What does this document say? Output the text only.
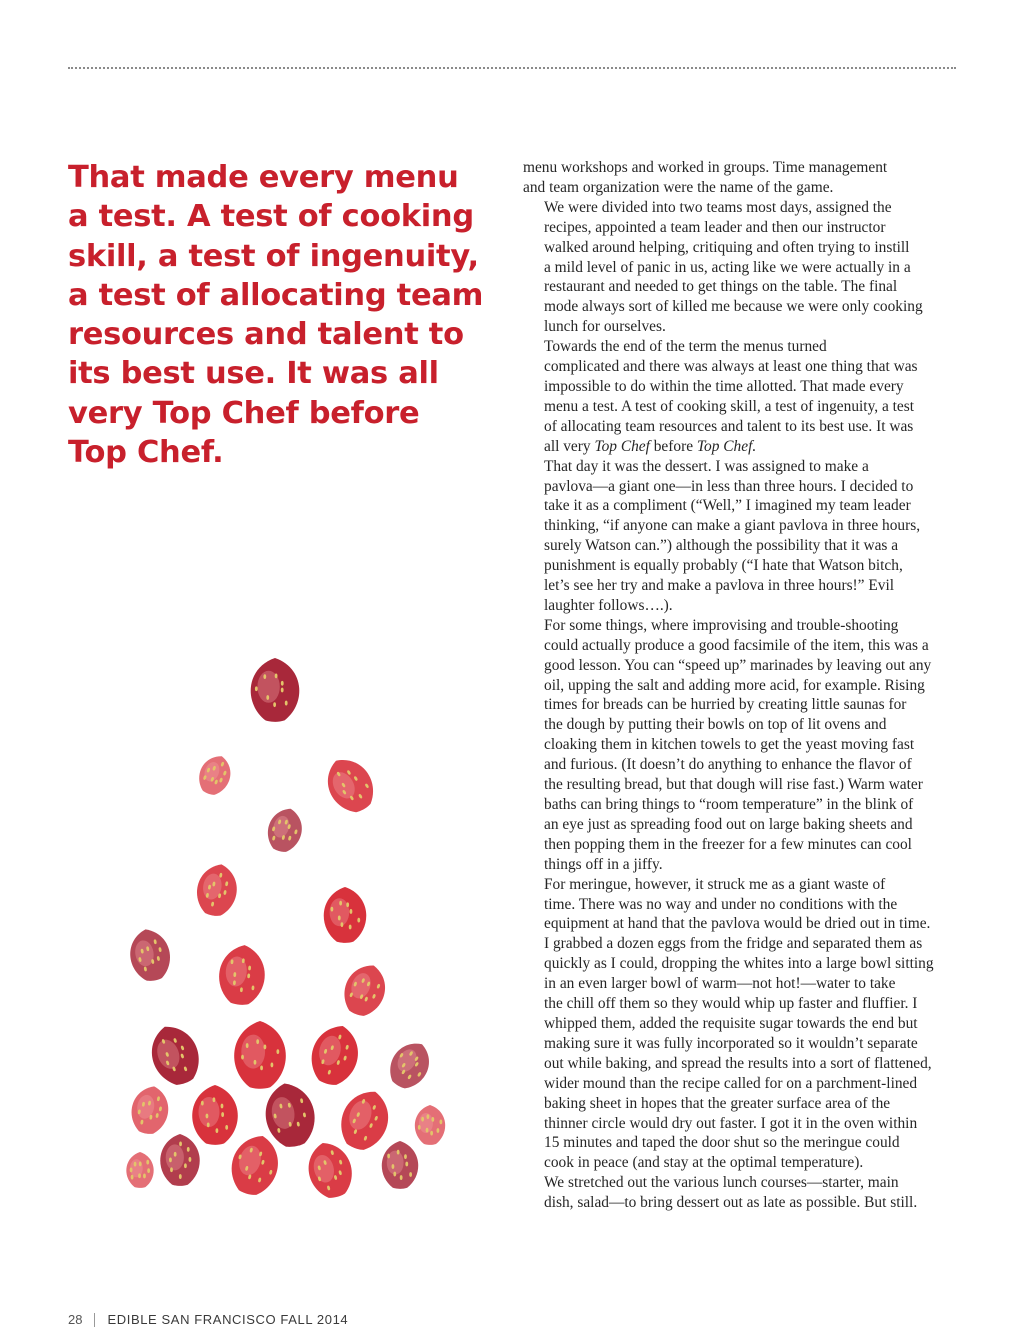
That made every menu
a test. A test of cooking
skill, a test of ingenuity,
a test of allocating team
resources and talent to
its best use. It was all
very Top Chef before
Top Chef.

menu workshops and worked in groups. Time management
and team organization were the name of the game.

We were divided into two teams most days, assigned the
recipes, appointed a team leader and then our instructor
walked around helping, critiquing and often trying to instill
a mild level of panic in us, acting like we were actually in a
restaurant and needed to get things on the table. The final
mode always sort of killed me because we were only cooking
lunch for ourselves.

Towards the end of the term the menus turned
complicated and there was always at least one thing that was
impossible to do within the time allotted. That made every
menu a test. A test of cooking skill, a test of ingenuity, a test
of allocating team resources and talent to its best use. It was
all very Top Chef before Top Chef.

That day it was the dessert. I was assigned to make a
pavlova—a giant one—in less than three hours. I decided to
take it as a compliment (“Well,” I imagined my team leader
thinking, “if anyone can make a giant pavlova in three hours,
surely Watson can.”) although the possibility that it was a
punishment is equally probably (“I hate that Watson bitch,
let’s see her try and make a pavlova in three hours!” Evil
laughter follows….).

For some things, where improvising and trouble-shooting
could actually produce a good facsimile of the item, this was a
good lesson. You can “speed up” marinades by leaving out any
oil, upping the salt and adding more acid, for example. Rising
times for breads can be hurried by creating little saunas for
the dough by putting their bowls on top of lit ovens and
cloaking them in kitchen towels to get the yeast moving fast
and furious. (It doesn’t do anything to enhance the flavor of
the resulting bread, but that dough will rise fast.) Warm water
baths can bring things to “room temperature” in the blink of
an eye just as spreading food out on large baking sheets and
then popping them in the freezer for a few minutes can cool
things off in a jiffy.

For meringue, however, it struck me as a giant waste of
time. There was no way and under no conditions with the
equipment at hand that the pavlova would be dried out in time.
I grabbed a dozen eggs from the fridge and separated them as
quickly as I could, dropping the whites into a large bowl sitting
in an even larger bowl of warm—not hot!—water to take
the chill off them so they would whip up faster and fluffier. I
whipped them, added the requisite sugar towards the end but
making sure it was fully incorporated so it wouldn’t separate
out while baking, and spread the results into a sort of flattened,
wider mound than the recipe called for on a parchment-lined
baking sheet in hopes that the greater surface area of the
thinner circle would dry out faster. I got it in the oven within
15 minutes and taped the door shut so the meringue could
cook in peace (and stay at the optimal temperature).

We stretched out the various lunch courses—starter, main
dish, salad—to bring dessert out as late as possible. But still.

28 EDIBLE SAN FRANCISCO FALL 2014
